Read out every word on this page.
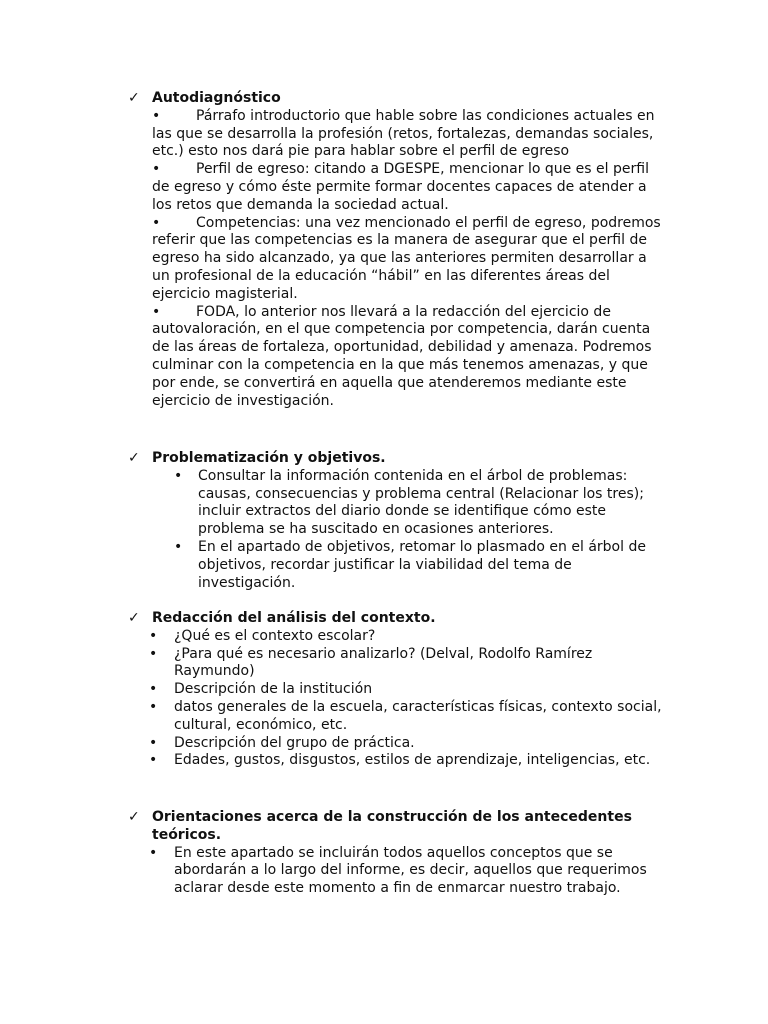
✓ Autodiagnóstico
•	Párrafo introductorio que hable sobre las condiciones actuales en las que se desarrolla la profesión (retos, fortalezas, demandas sociales, etc.) esto nos dará pie para hablar sobre el perfil de egreso
•	Perfil de egreso: citando a DGESPE, mencionar lo que es el perfil de egreso y cómo éste permite formar docentes capaces de atender a los retos que demanda la sociedad actual.
•	Competencias: una vez mencionado el perfil de egreso, podremos referir que las competencias es la manera de asegurar que el perfil de egreso ha sido alcanzado, ya que las anteriores permiten desarrollar a un profesional de la educación “hábil” en las diferentes áreas del ejercicio magisterial.
•	FODA, lo anterior nos llevará a la redacción del ejercicio de autovaloración, en el que competencia por competencia, darán cuenta de las áreas de fortaleza, oportunidad, debilidad y amenaza. Podremos culminar con la competencia en la que más tenemos amenazas, y que por ende, se convertirá en aquella que atenderemos mediante este ejercicio de investigación.
✓ Problematización y objetivos.
• Consultar la información contenida en el árbol de problemas: causas, consecuencias y problema central (Relacionar los tres); incluir extractos del diario donde se identifique cómo este problema se ha suscitado en ocasiones anteriores.
• En el apartado de objetivos, retomar lo plasmado en el árbol de objetivos, recordar justificar la viabilidad del tema de investigación.
✓ Redacción del análisis del contexto.
• ¿Qué es el contexto escolar?
• ¿Para qué es necesario analizarlo? (Delval, Rodolfo Ramírez Raymundo)
• Descripción de la institución
• datos generales de la escuela, características físicas, contexto social, cultural, económico, etc.
• Descripción del grupo de práctica.
• Edades, gustos, disgustos, estilos de aprendizaje, inteligencias, etc.
✓ Orientaciones acerca de la construcción de los antecedentes teóricos.
• En este apartado se incluirán todos aquellos conceptos que se abordarán a lo largo del informe, es decir, aquellos que requerimos aclarar desde este momento a fin de enmarcar nuestro trabajo.
